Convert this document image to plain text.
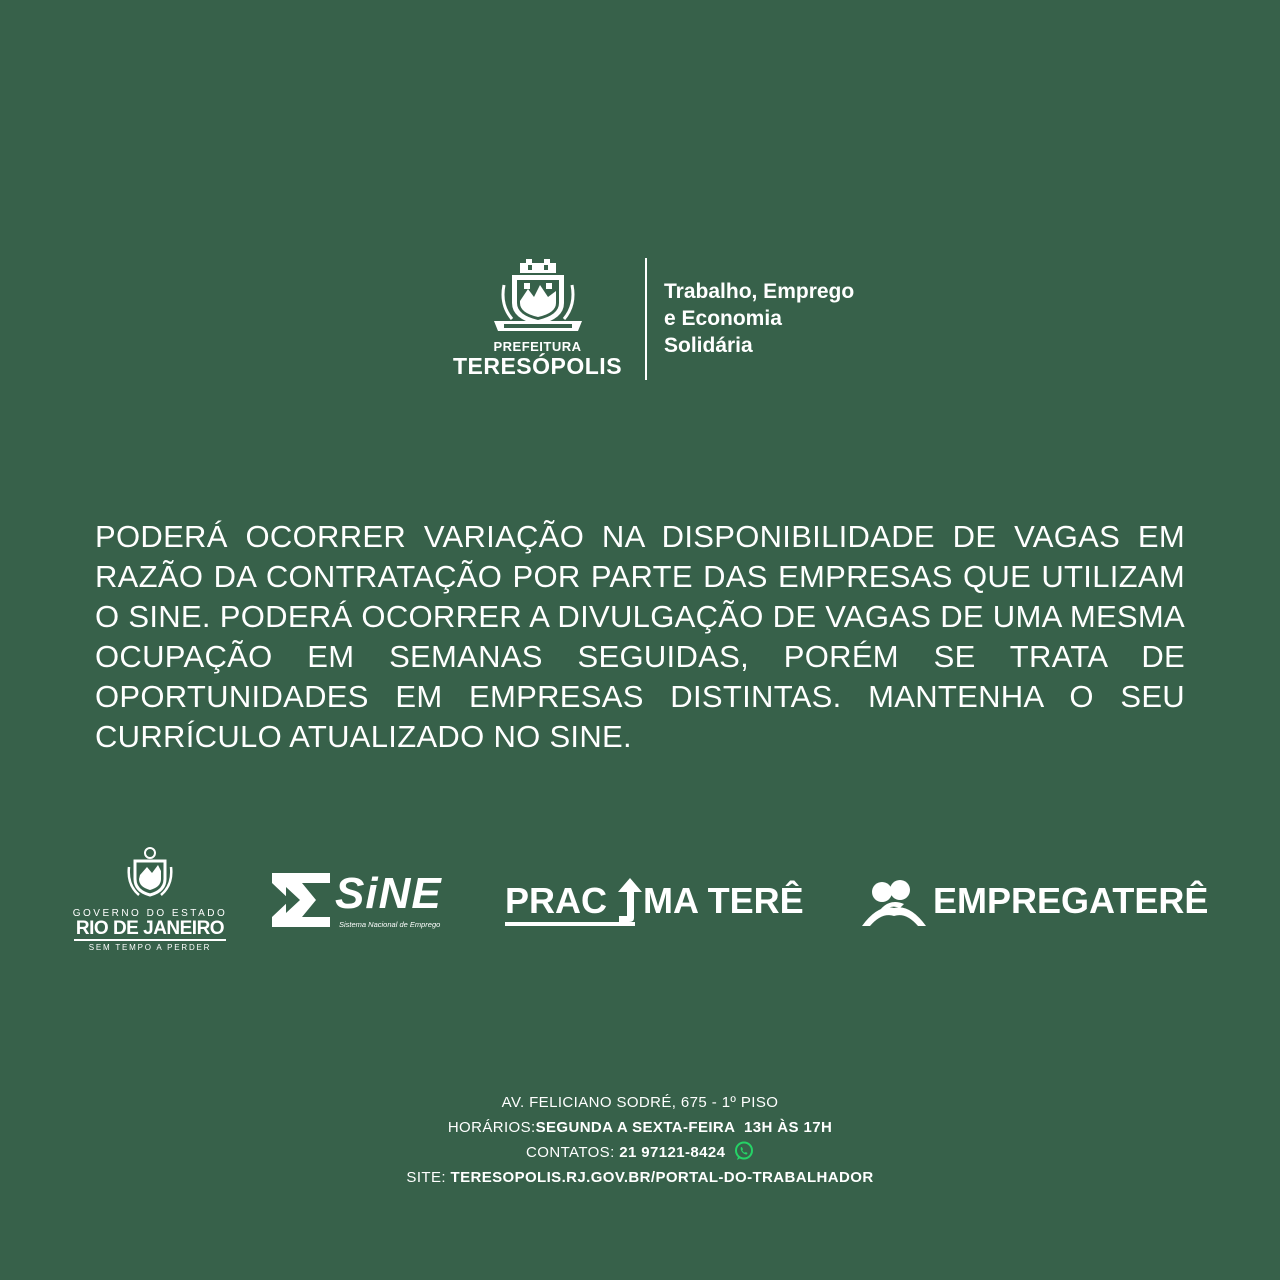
PREFEITURA
TERESÓPOLIS
Trabalho, Emprego
e Economia
Solidária
PODERÁ OCORRER VARIAÇÃO NA DISPONIBILIDADE DE VAGAS EM RAZÃO DA CONTRATAÇÃO POR PARTE DAS EMPRESAS QUE UTILIZAM O SINE. PODERÁ OCORRER A DIVULGAÇÃO DE VAGAS DE UMA MESMA OCUPAÇÃO EM SEMANAS SEGUIDAS, PORÉM SE TRATA DE OPORTUNIDADES EM EMPRESAS DISTINTAS. MANTENHA O SEU CURRÍCULO ATUALIZADO NO SINE.
GOVERNO DO ESTADO
RIO DE JANEIRO
SEM TEMPO A PERDER
SiNE
Sistema Nacional de Emprego
PRAC MA TERÊ	EMPREGATERÊ
AV. FELICIANO SODRÉ, 675 - 1º PISO
HORÁRIOS:SEGUNDA A SEXTA-FEIRA  13H ÀS 17H
CONTATOS: 21 97121-8424
SITE: TERESOPOLIS.RJ.GOV.BR/PORTAL-DO-TRABALHADOR
